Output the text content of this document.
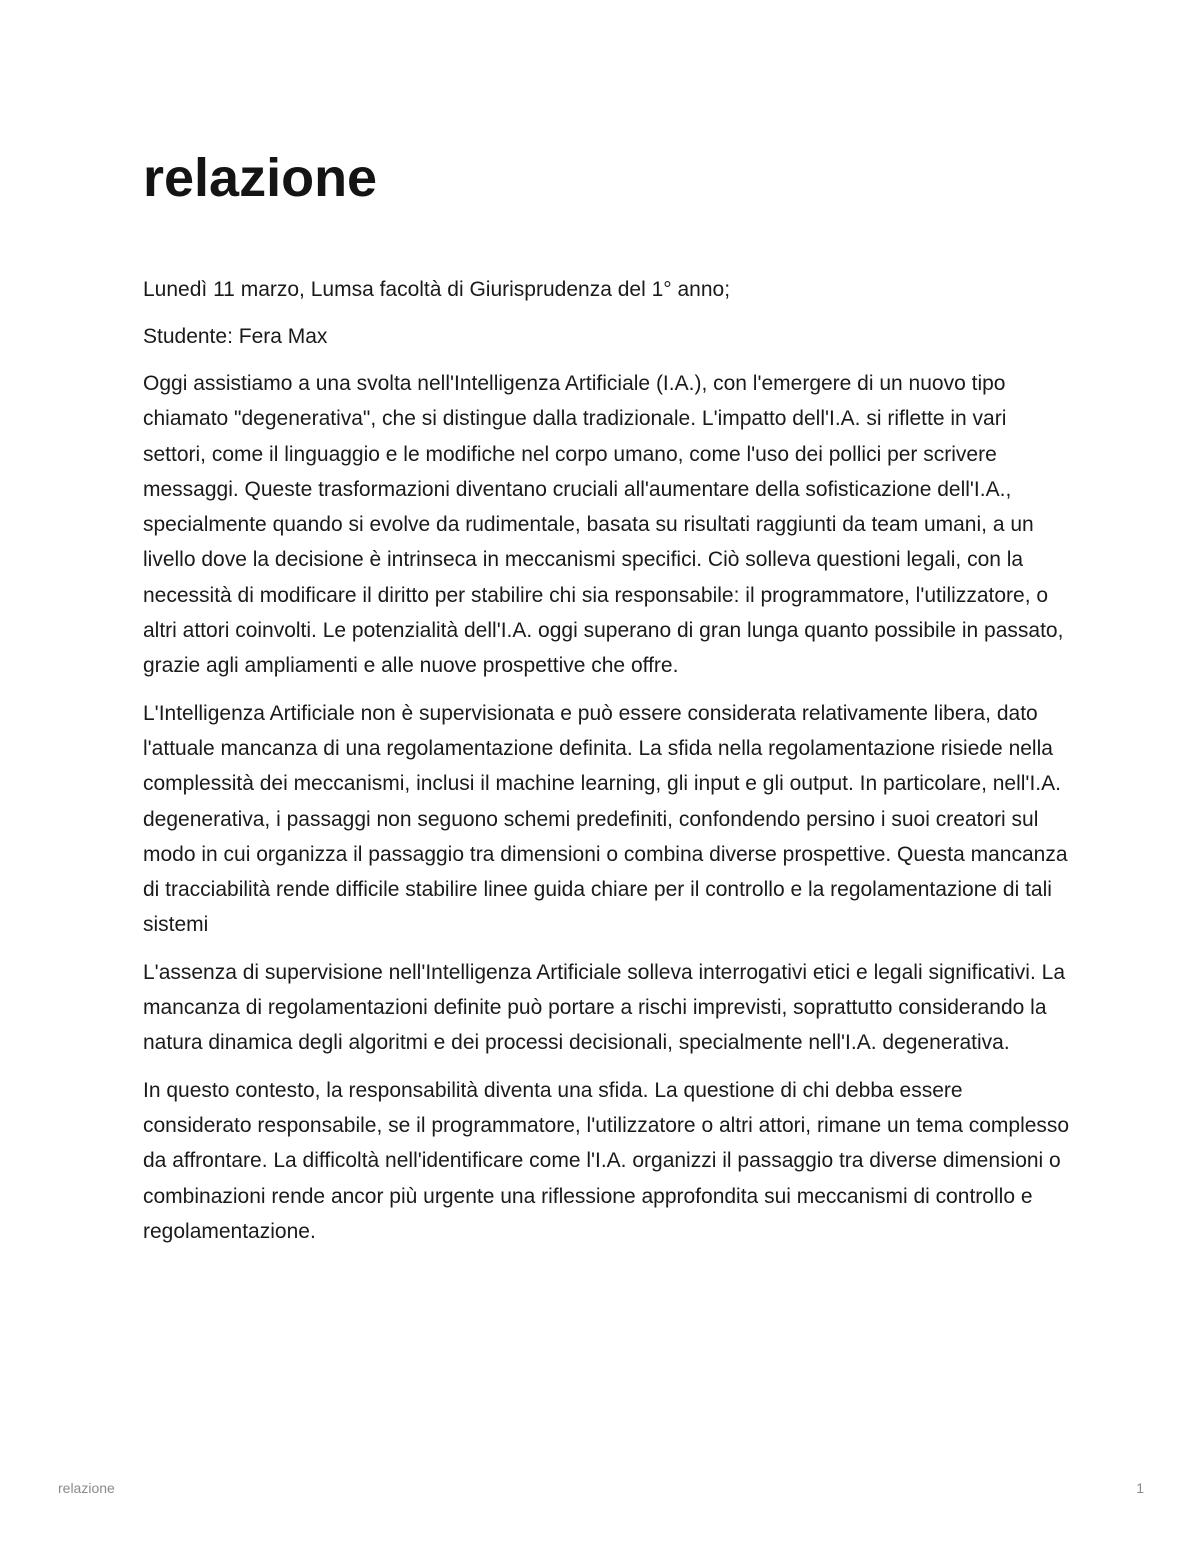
relazione

Lunedì 11 marzo, Lumsa facoltà di Giurisprudenza del 1° anno;

Studente: Fera Max

Oggi assistiamo a una svolta nell'Intelligenza Artificiale (I.A.), con l'emergere di un nuovo tipo chiamato "degenerativa", che si distingue dalla tradizionale. L'impatto dell'I.A. si riflette in vari settori, come il linguaggio e le modifiche nel corpo umano, come l'uso dei pollici per scrivere messaggi. Queste trasformazioni diventano cruciali all'aumentare della sofisticazione dell'I.A., specialmente quando si evolve da rudimentale, basata su risultati raggiunti da team umani, a un livello dove la decisione è intrinseca in meccanismi specifici. Ciò solleva questioni legali, con la necessità di modificare il diritto per stabilire chi sia responsabile: il programmatore, l'utilizzatore, o altri attori coinvolti. Le potenzialità dell'I.A. oggi superano di gran lunga quanto possibile in passato, grazie agli ampliamenti e alle nuove prospettive che offre.

L'Intelligenza Artificiale non è supervisionata e può essere considerata relativamente libera, dato l'attuale mancanza di una regolamentazione definita. La sfida nella regolamentazione risiede nella complessità dei meccanismi, inclusi il machine learning, gli input e gli output. In particolare, nell'I.A. degenerativa, i passaggi non seguono schemi predefiniti, confondendo persino i suoi creatori sul modo in cui organizza il passaggio tra dimensioni o combina diverse prospettive. Questa mancanza di tracciabilità rende difficile stabilire linee guida chiare per il controllo e la regolamentazione di tali sistemi

L'assenza di supervisione nell'Intelligenza Artificiale solleva interrogativi etici e legali significativi. La mancanza di regolamentazioni definite può portare a rischi imprevisti, soprattutto considerando la natura dinamica degli algoritmi e dei processi decisionali, specialmente nell'I.A. degenerativa.

In questo contesto, la responsabilità diventa una sfida. La questione di chi debba essere considerato responsabile, se il programmatore, l'utilizzatore o altri attori, rimane un tema complesso da affrontare. La difficoltà nell'identificare come l'I.A. organizzi il passaggio tra diverse dimensioni o combinazioni rende ancor più urgente una riflessione approfondita sui meccanismi di controllo e regolamentazione.

relazione	1
